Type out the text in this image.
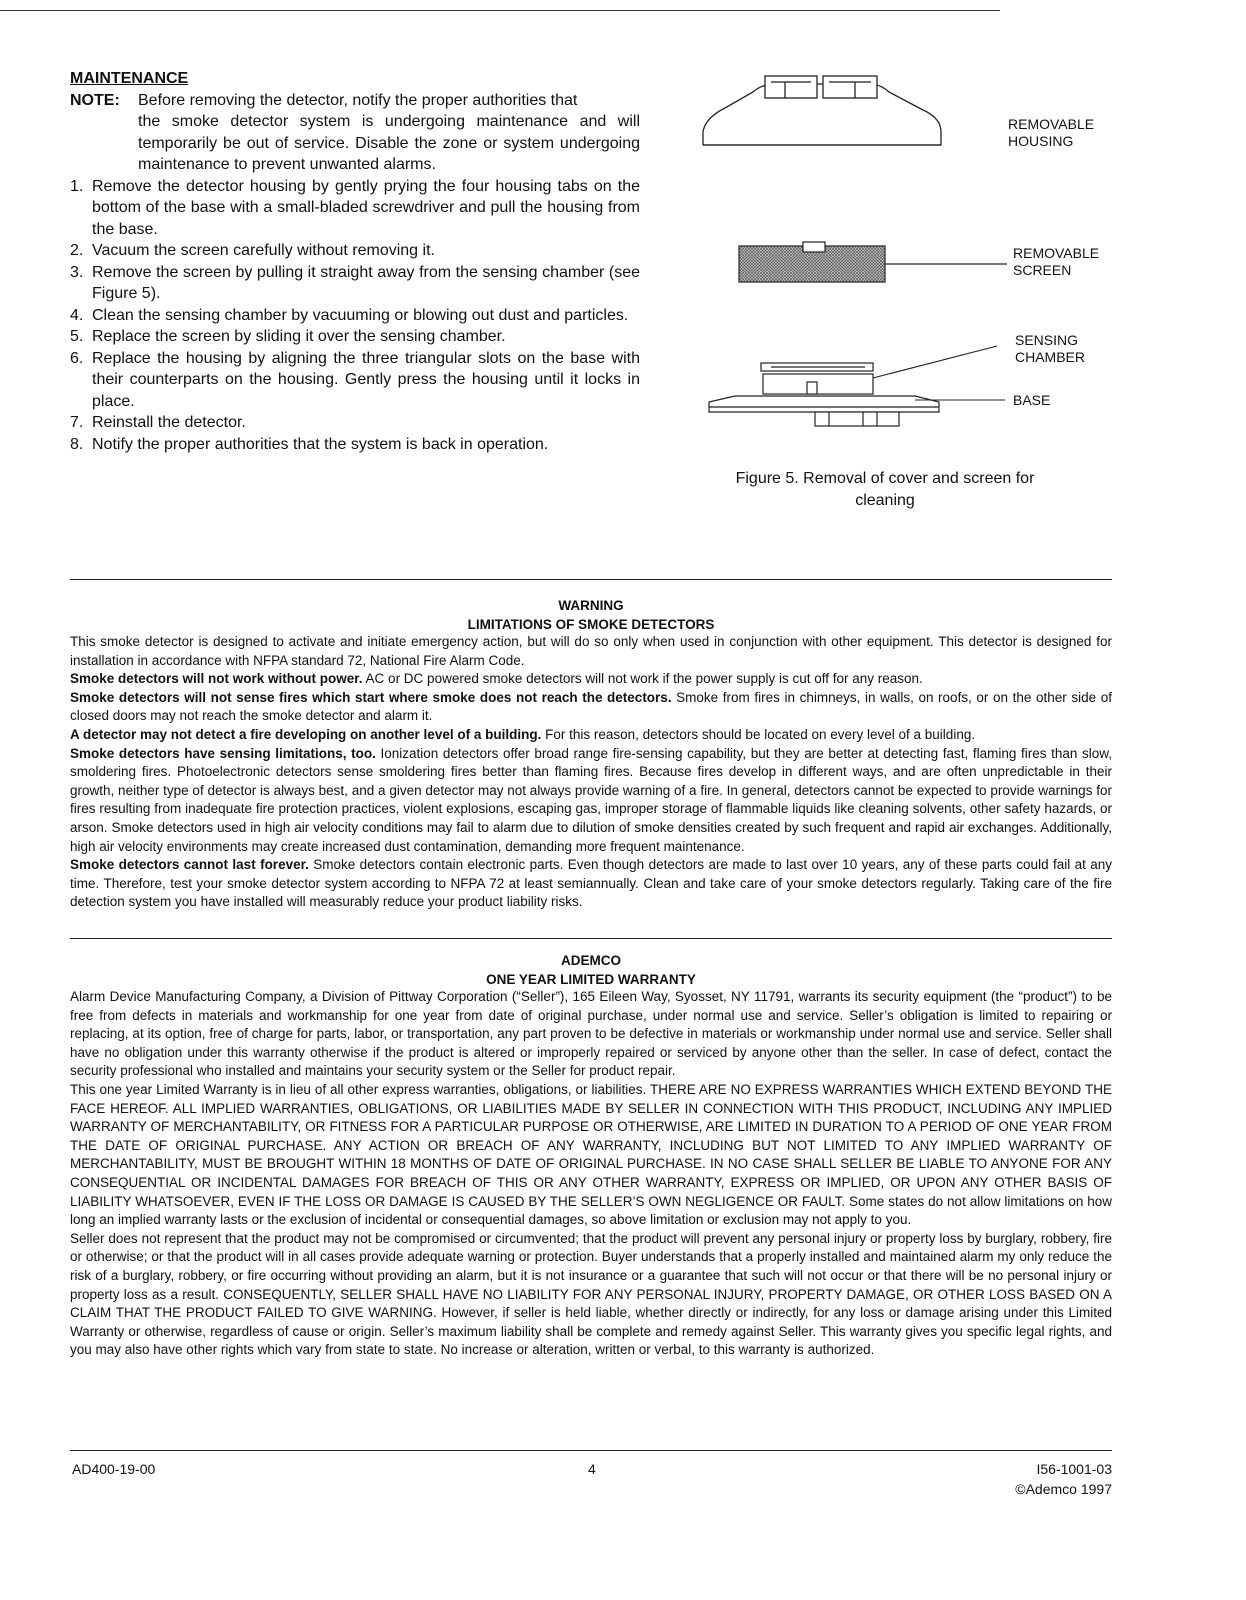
MAINTENANCE

NOTE:	Before removing the detector, notify the proper authorities that
the smoke detector system is undergoing maintenance and will temporarily be out of service. Disable the zone or system undergoing maintenance to prevent unwanted alarms.
1. Remove the detector housing by gently prying the four housing tabs on the bottom of the base with a small-bladed screwdriver and pull the housing from the base.
2. Vacuum the screen carefully without removing it.
3. Remove the screen by pulling it straight away from the sensing chamber (see Figure 5).
4. Clean the sensing chamber by vacuuming or blowing out dust and particles.
5. Replace the screen by sliding it over the sensing chamber.
6. Replace the housing by aligning the three triangular slots on the base with their counterparts on the housing. Gently press the housing until it locks in place.
7. Reinstall the detector.
8. Notify the proper authorities that the system is back in operation.
REMOVABLE
HOUSING
REMOVABLE
SCREEN
SENSING
CHAMBER
BASE
Figure 5. Removal of cover and screen for
cleaning
WARNING
LIMITATIONS OF SMOKE DETECTORS

This smoke detector is designed to activate and initiate emergency action, but will do so only when used in conjunction with other equipment. This detector is designed for installation in accordance with NFPA standard 72, National Fire Alarm Code.

Smoke detectors will not work without power. AC or DC powered smoke detectors will not work if the power supply is cut off for any reason.

Smoke detectors will not sense fires which start where smoke does not reach the detectors. Smoke from fires in chimneys, in walls, on roofs, or on the other side of closed doors may not reach the smoke detector and alarm it.

A detector may not detect a fire developing on another level of a building. For this reason, detectors should be located on every level of a building.

Smoke detectors have sensing limitations, too. Ionization detectors offer broad range fire-sensing capability, but they are better at detecting fast, flaming fires than slow, smoldering fires. Photoelectronic detectors sense smoldering fires better than flaming fires. Because fires develop in different ways, and are often unpredictable in their growth, neither type of detector is always best, and a given detector may not always provide warning of a fire. In general, detectors cannot be expected to provide warnings for fires resulting from inadequate fire protection practices, violent explosions, escaping gas, improper storage of flammable liquids like cleaning solvents, other safety hazards, or arson. Smoke detectors used in high air velocity conditions may fail to alarm due to dilution of smoke densities created by such frequent and rapid air exchanges. Additionally, high air velocity environments may create increased dust contamination, demanding more frequent maintenance.

Smoke detectors cannot last forever. Smoke detectors contain electronic parts. Even though detectors are made to last over 10 years, any of these parts could fail at any time. Therefore, test your smoke detector system according to NFPA 72 at least semiannually. Clean and take care of your smoke detectors regularly. Taking care of the fire detection system you have installed will measurably reduce your product liability risks.

ADEMCO
ONE YEAR LIMITED WARRANTY

Alarm Device Manufacturing Company, a Division of Pittway Corporation (“Seller”), 165 Eileen Way, Syosset, NY 11791, warrants its security equipment (the “product”) to be free from defects in materials and workmanship for one year from date of original purchase, under normal use and service. Seller’s obligation is limited to repairing or replacing, at its option, free of charge for parts, labor, or transportation, any part proven to be defective in materials or workmanship under normal use and service. Seller shall have no obligation under this warranty otherwise if the product is altered or improperly repaired or serviced by anyone other than the seller. In case of defect, contact the security professional who installed and maintains your security system or the Seller for product repair.

This one year Limited Warranty is in lieu of all other express warranties, obligations, or liabilities. THERE ARE NO EXPRESS WARRANTIES WHICH EXTEND BEYOND THE FACE HEREOF. ALL IMPLIED WARRANTIES, OBLIGATIONS, OR LIABILITIES MADE BY SELLER IN CONNECTION WITH THIS PRODUCT, INCLUDING ANY IMPLIED WARRANTY OF MERCHANTABILITY, OR FITNESS FOR A PARTICULAR PURPOSE OR OTHERWISE, ARE LIMITED IN DURATION TO A PERIOD OF ONE YEAR FROM THE DATE OF ORIGINAL PURCHASE. ANY ACTION OR BREACH OF ANY WARRANTY, INCLUDING BUT NOT LIMITED TO ANY IMPLIED WARRANTY OF MERCHANTABILITY, MUST BE BROUGHT WITHIN 18 MONTHS OF DATE OF ORIGINAL PURCHASE. IN NO CASE SHALL SELLER BE LIABLE TO ANYONE FOR ANY CONSEQUENTIAL OR INCIDENTAL DAMAGES FOR BREACH OF THIS OR ANY OTHER WARRANTY, EXPRESS OR IMPLIED, OR UPON ANY OTHER BASIS OF LIABILITY WHATSOEVER, EVEN IF THE LOSS OR DAMAGE IS CAUSED BY THE SELLER’S OWN NEGLIGENCE OR FAULT. Some states do not allow limitations on how long an implied warranty lasts or the exclusion of incidental or consequential damages, so above limitation or exclusion may not apply to you.

Seller does not represent that the product may not be compromised or circumvented; that the product will prevent any personal injury or property loss by burglary, robbery, fire or otherwise; or that the product will in all cases provide adequate warning or protection. Buyer understands that a properly installed and maintained alarm my only reduce the risk of a burglary, robbery, or fire occurring without providing an alarm, but it is not insurance or a guarantee that such will not occur or that there will be no personal injury or property loss as a result. CONSEQUENTLY, SELLER SHALL HAVE NO LIABILITY FOR ANY PERSONAL INJURY, PROPERTY DAMAGE, OR OTHER LOSS BASED ON A CLAIM THAT THE PRODUCT FAILED TO GIVE WARNING. However, if seller is held liable, whether directly or indirectly, for any loss or damage arising under this Limited Warranty or otherwise, regardless of cause or origin. Seller’s maximum liability shall be complete and remedy against Seller. This warranty gives you specific legal rights, and you may also have other rights which vary from state to state. No increase or alteration, written or verbal, to this warranty is authorized.

AD400-19-00	4	I56-1001-03
©Ademco 1997
